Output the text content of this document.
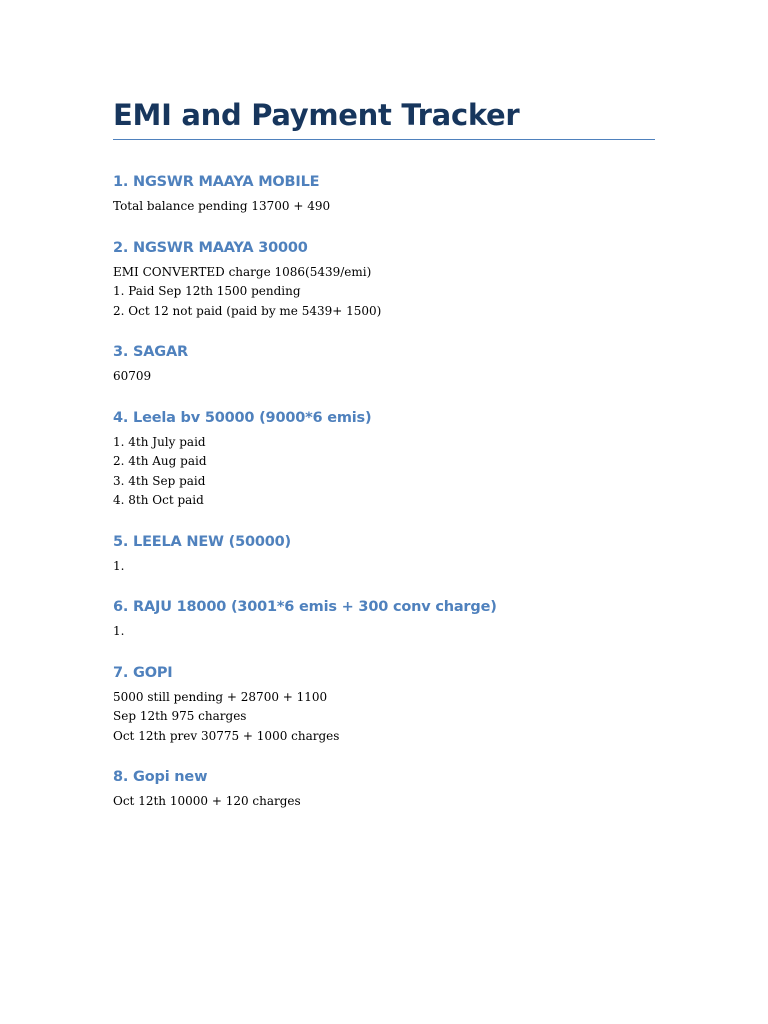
EMI and Payment Tracker
1. NGSWR MAAYA MOBILE
Total balance pending 13700 + 490
2. NGSWR MAAYA 30000
EMI CONVERTED charge 1086(5439/emi)
1. Paid Sep 12th 1500 pending
2. Oct 12 not paid (paid by me 5439+ 1500)
3. SAGAR
60709
4. Leela bv 50000 (9000*6 emis)
1. 4th July paid
2. 4th Aug paid
3. 4th Sep paid
4. 8th Oct paid
5. LEELA NEW (50000)
1.
6. RAJU 18000 (3001*6 emis + 300 conv charge)
1.
7. GOPI
5000 still pending + 28700 + 1100
Sep 12th 975 charges
Oct 12th prev 30775 + 1000 charges
8. Gopi new
Oct 12th 10000 + 120 charges
